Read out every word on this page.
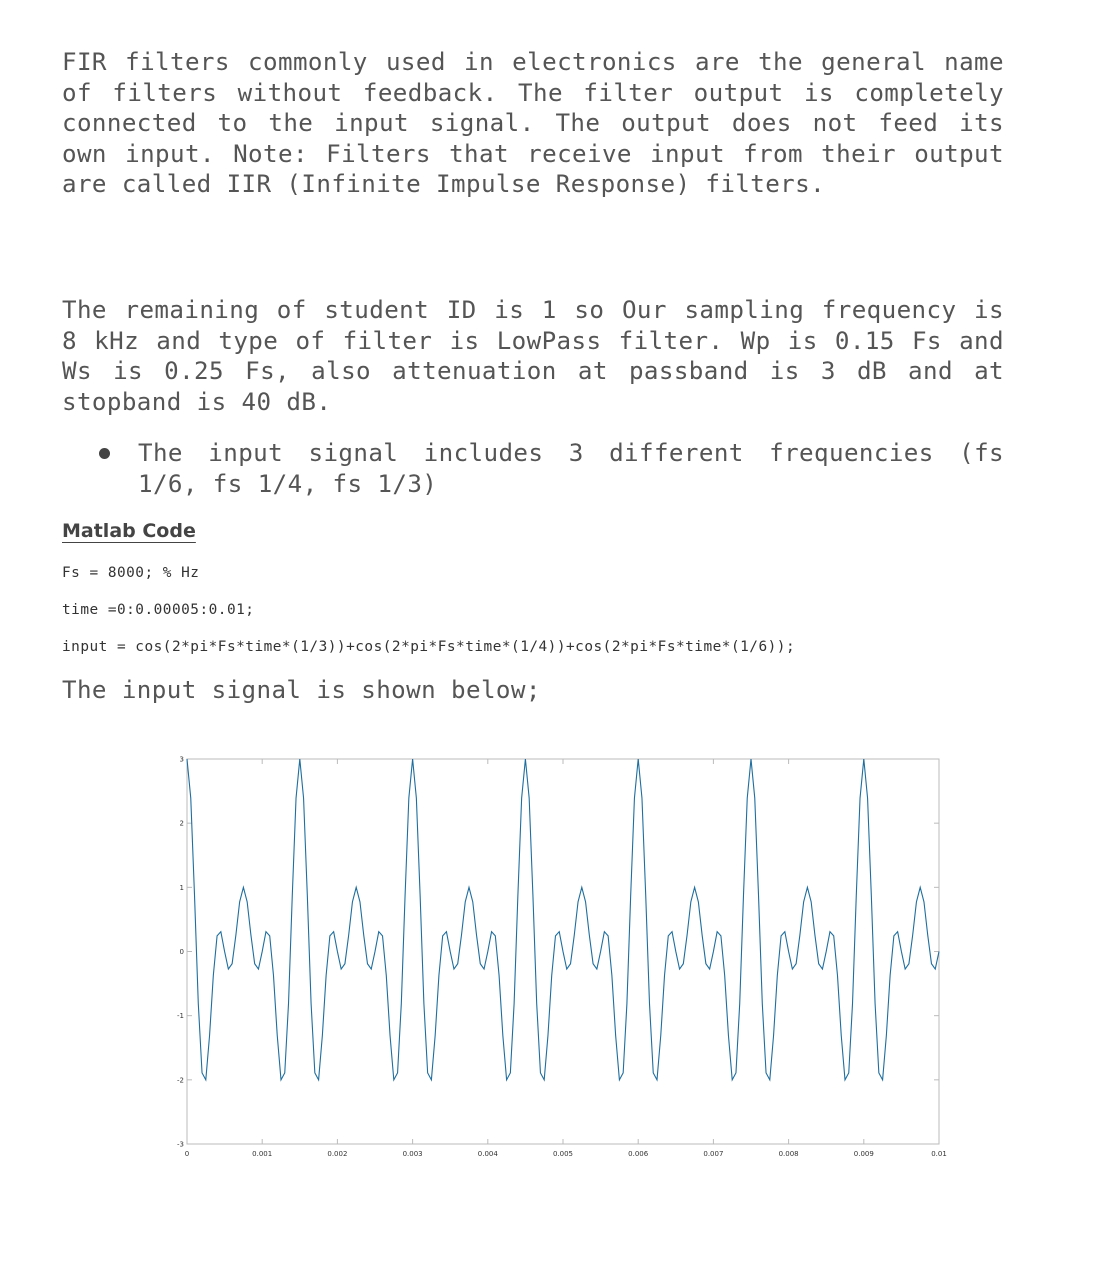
FIR filters commonly used in electronics are the general name of filters without feedback. The filter output is completely connected to the input signal. The output does not feed its own input. Note: Filters that receive input from their output are called IIR (Infinite Impulse Response) filters.

The remaining of student ID is 1 so Our sampling frequency is 8 kHz and type of filter is LowPass filter. Wp is 0.15 Fs and Ws is 0.25 Fs, also attenuation at passband is 3 dB and at stopband is 40 dB.

The input signal includes 3 different frequencies (fs 1/6, fs 1/4, fs 1/3)

Matlab Code

Fs = 8000; % Hz

time =0:0.00005:0.01;

input = cos(2*pi*Fs*time*(1/3))+cos(2*pi*Fs*time*(1/4))+cos(2*pi*Fs*time*(1/6));

The input signal is shown below;

0	0.001	0.002	0.003	0.004	0.005	0.006	0.007	0.008	0.009	0.01
3
2
1
0
-1
-2
-3
